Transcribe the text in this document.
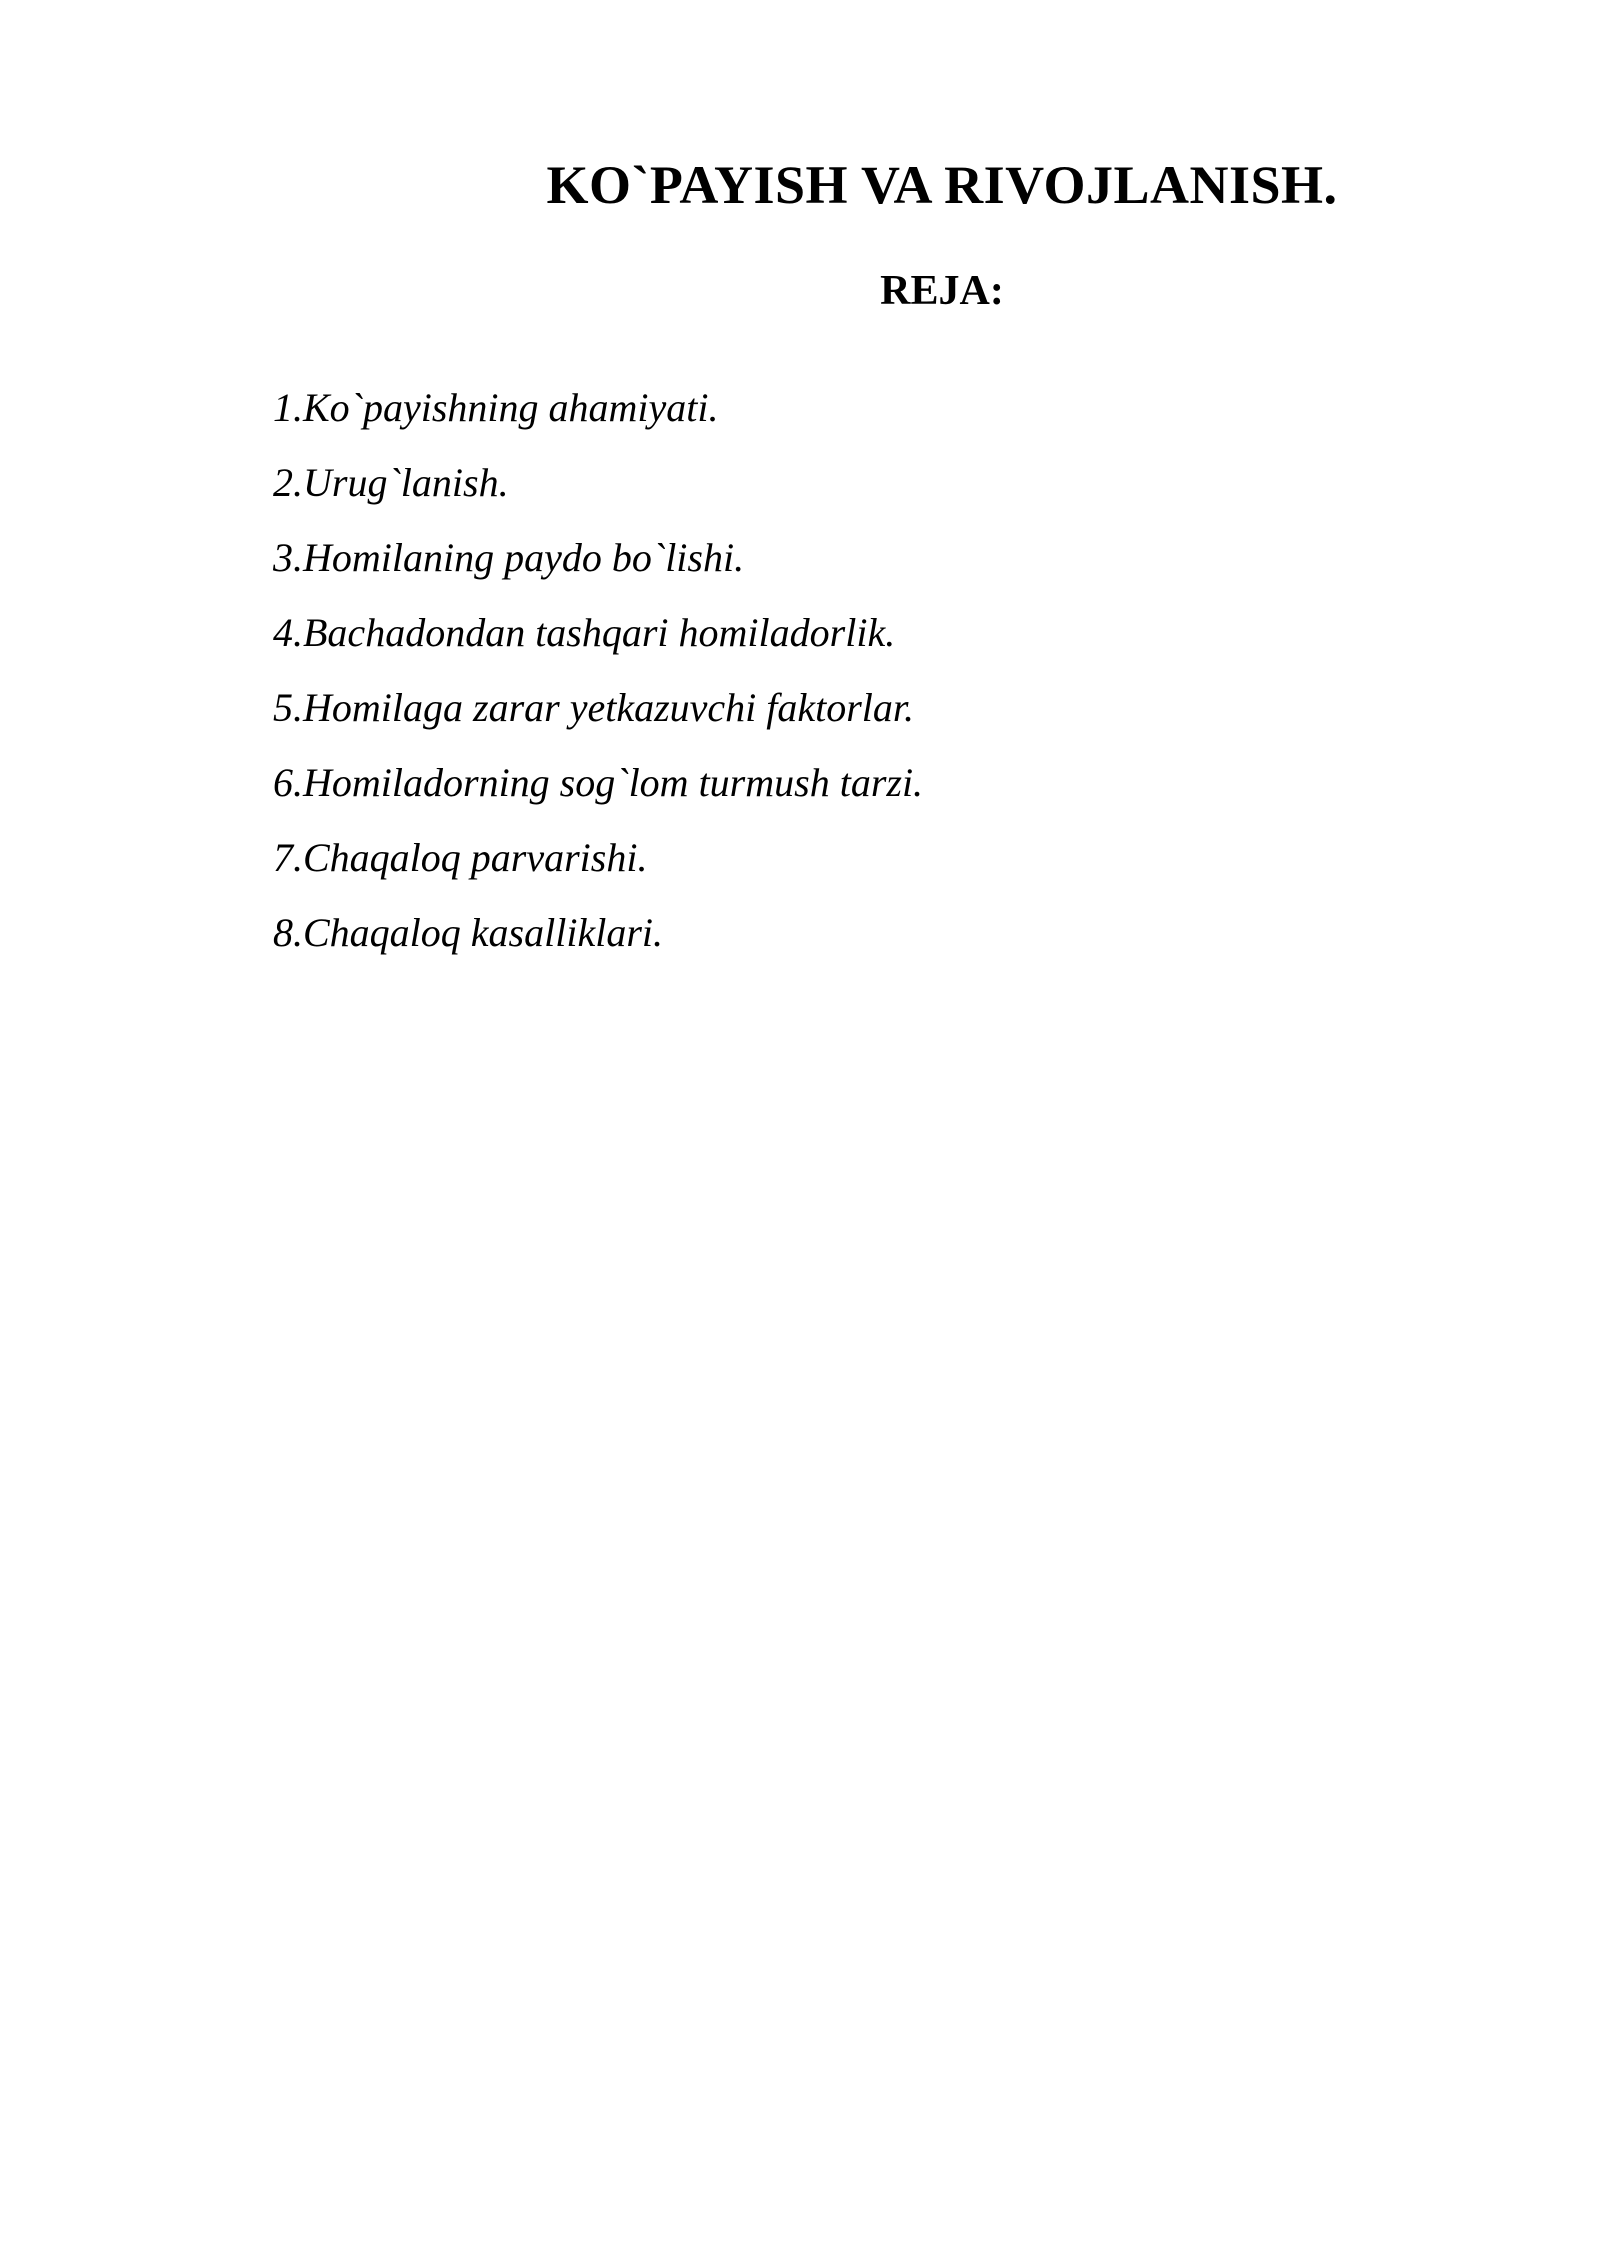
KO`PAYISH VA RIVOJLANISH.
REJA:
1.Ko`payishning ahamiyati.
2.Urug`lanish.
3.Homilaning paydo bo`lishi.
4.Bachadondan tashqari homiladorlik.
5.Homilaga zarar yetkazuvchi faktorlar.
6.Homiladorning sog`lom turmush tarzi.
7.Chaqaloq parvarishi.
8.Chaqaloq kasalliklari.
